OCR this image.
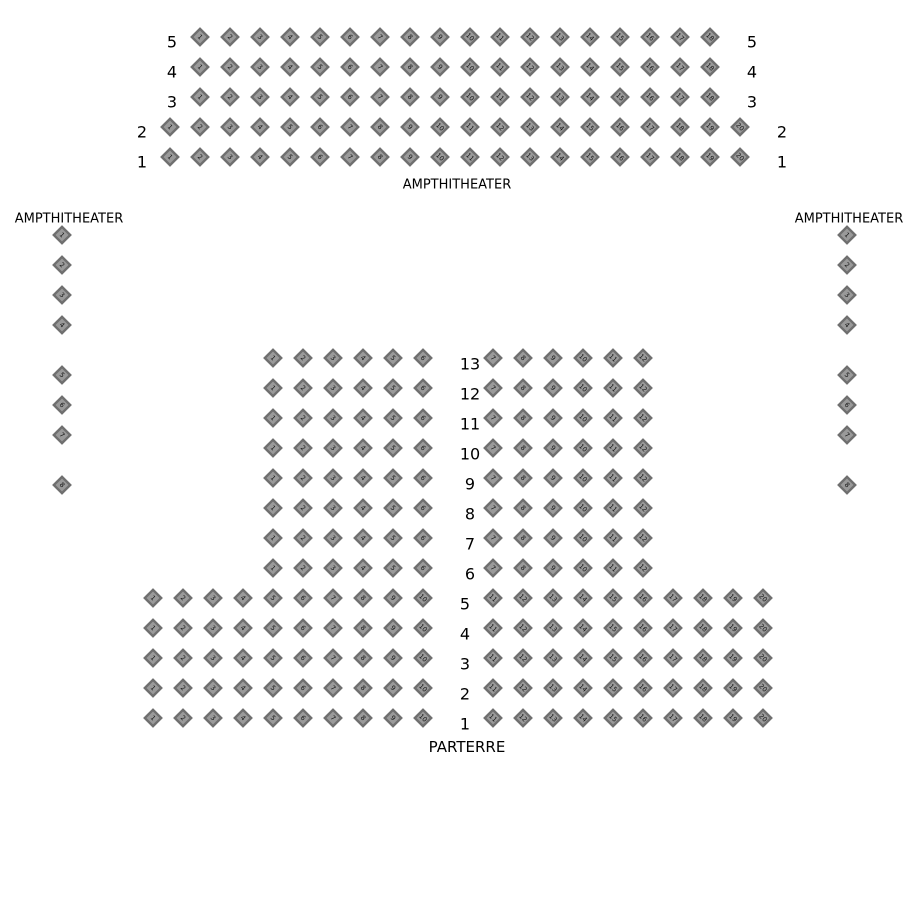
5	5
1	2	3	4	5	6	7	8	9	10	11	12	13	14	15	16	17	18
4	4
1	2	3	4	5	6	7	8	9	10	11	12	13	14	15	16	17	18
3	3
1	2	3	4	5	6	7	8	9	10	11	12	13	14	15	16	17	18
2	2
1	2	3	4	5	6	7	8	9	10	11	12	13	14	15	16	17	18	19	20
1	1
1	2	3	4	5	6	7	8	9	10	11	12	13	14	15	16	17	18	19	20
1
2
3
4
5
6
7
8
1
2
3
4
5
6
7
8
13
1	2	3	4	5	6	7	8	9	10	11	12
12
1	2	3	4	5	6	7	8	9	10	11	12
11
1	2	3	4	5	6	7	8	9	10	11	12
10
1	2	3	4	5	6	7	8	9	10	11	12
9
1	2	3	4	5	6	7	8	9	10	11	12
8
1	2	3	4	5	6	7	8	9	10	11	12
7
1	2	3	4	5	6	7	8	9	10	11	12
6
1	2	3	4	5	6	7	8	9	10	11	12
5
1	2	3	4	5	6	7	8	9	10	11	12	13	14	15	16	17	18	19	20
4
1	2	3	4	5	6	7	8	9	10	11	12	13	14	15	16	17	18	19	20
3
1	2	3	4	5	6	7	8	9	10	11	12	13	14	15	16	17	18	19	20
2
1	2	3	4	5	6	7	8	9	10	11	12	13	14	15	16	17	18	19	20
1
1	2	3	4	5	6	7	8	9	10	11	12	13	14	15	16	17	18	19	20
AMPTHITHEATER
AMPTHITHEATER	AMPTHITHEATER
PARTERRE
